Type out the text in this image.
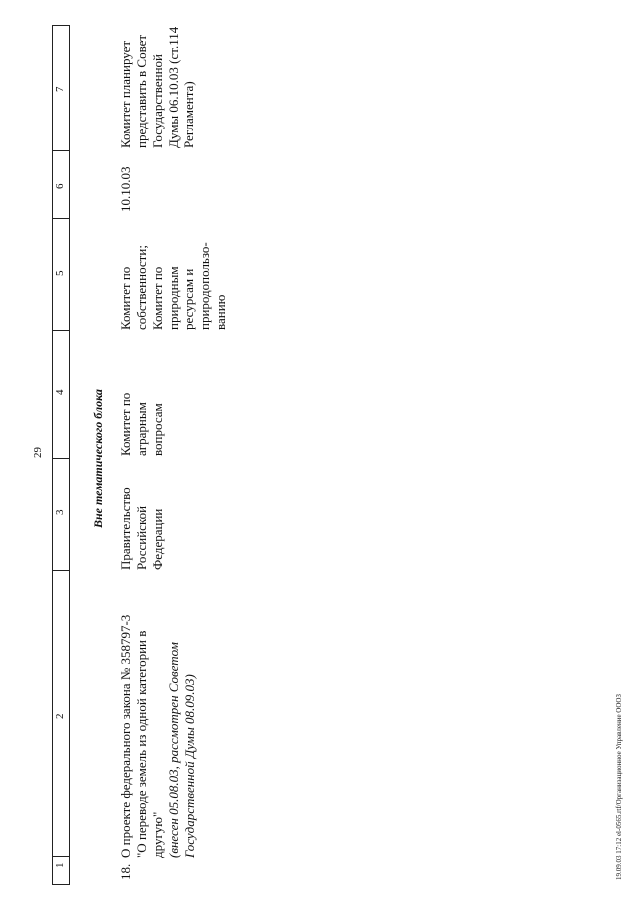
29
1
2
3
4
5
6
7
Вне тематического блока
18.
О проекте федерального закона № 358797-3 "О переводе земель из одной категории в другую" (внесен 05.08.03, рассмотрен Советом Государственной Думы 08.09.03)
Правительство Российской Федерации
Комитет по аграрным вопросам
Комитет по собственности; Комитет по природным ресурсам и природопользо-ванию
10.10.03
Комитет планирует представить в Совет Государственной Думы 06.10.03 (ст.114 Регламента)
19.09.03 17:12 el-0565.rtf/Организационное Управление ОООЗ
